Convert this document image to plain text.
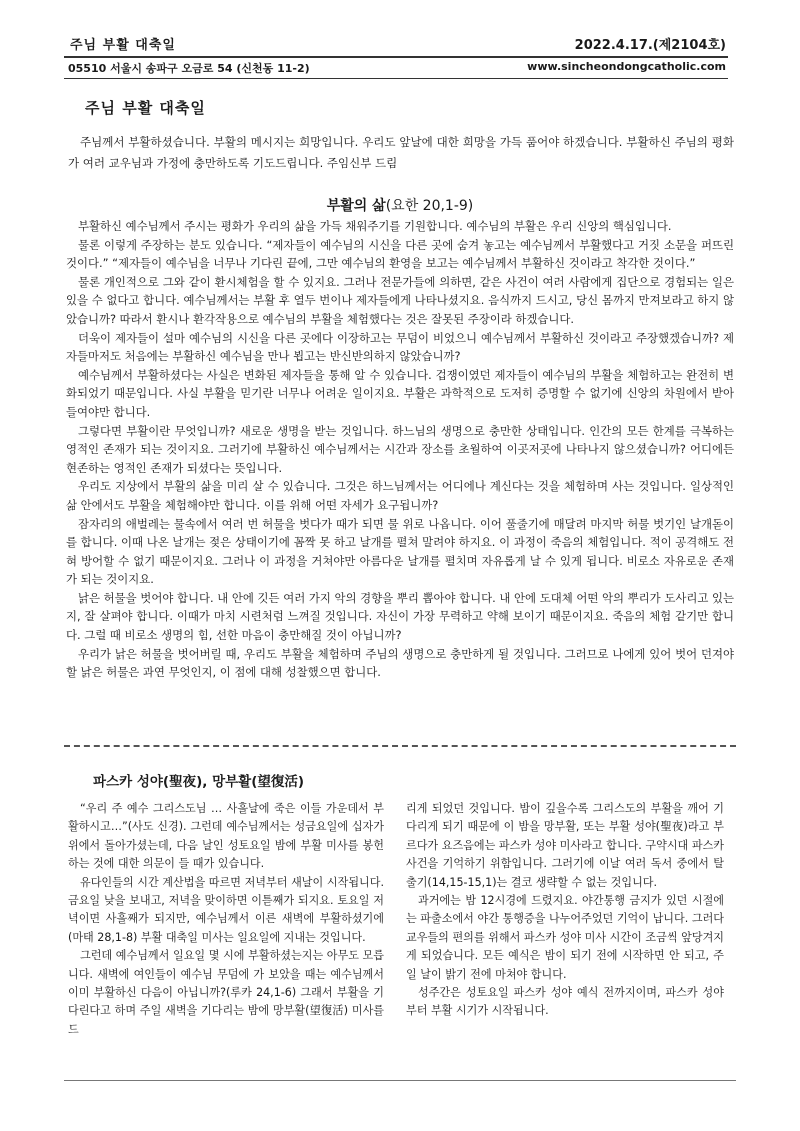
주님 부활 대축일	2022.4.17.(제2104호)
05510 서울시 송파구 오금로 54 (신천동 11-2)	www.sincheondongcatholic.com
주님 부활 대축일

주님께서 부활하셨습니다. 부활의 메시지는 희망입니다. 우리도 앞날에 대한 희망을 가득 품어야 하겠습니다. 부활하신 주님의 평화가 여러 교우님과 가정에 충만하도록 기도드립니다. 주임신부 드림

부활의 삶(요한 20,1-9)

부활하신 예수님께서 주시는 평화가 우리의 삶을 가득 채워주기를 기원합니다. 예수님의 부활은 우리 신앙의 핵심입니다.

물론 이렇게 주장하는 분도 있습니다. “제자들이 예수님의 시신을 다른 곳에 숨겨 놓고는 예수님께서 부활했다고 거짓 소문을 퍼뜨린 것이다.” “제자들이 예수님을 너무나 기다린 끝에, 그만 예수님의 환영을 보고는 예수님께서 부활하신 것이라고 착각한 것이다.”

물론 개인적으로 그와 같이 환시체험을 할 수 있지요. 그러나 전문가들에 의하면, 같은 사건이 여러 사람에게 집단으로 경험되는 일은 있을 수 없다고 합니다. 예수님께서는 부활 후 열두 번이나 제자들에게 나타나셨지요. 음식까지 드시고, 당신 몸까지 만져보라고 하지 않았습니까? 따라서 환시나 환각작용으로 예수님의 부활을 체험했다는 것은 잘못된 주장이라 하겠습니다.

더욱이 제자들이 설마 예수님의 시신을 다른 곳에다 이장하고는 무덤이 비었으니 예수님께서 부활하신 것이라고 주장했겠습니까? 제자들마저도 처음에는 부활하신 예수님을 만나 뵙고는 반신반의하지 않았습니까?

예수님께서 부활하셨다는 사실은 변화된 제자들을 통해 알 수 있습니다. 겁쟁이였던 제자들이 예수님의 부활을 체험하고는 완전히 변화되었기 때문입니다. 사실 부활을 믿기란 너무나 어려운 일이지요. 부활은 과학적으로 도저히 증명할 수 없기에 신앙의 차원에서 받아들여야만 합니다.

그렇다면 부활이란 무엇입니까? 새로운 생명을 받는 것입니다. 하느님의 생명으로 충만한 상태입니다. 인간의 모든 한계를 극복하는 영적인 존재가 되는 것이지요. 그러기에 부활하신 예수님께서는 시간과 장소를 초월하여 이곳저곳에 나타나지 않으셨습니까? 어디에든 현존하는 영적인 존재가 되셨다는 뜻입니다.

우리도 지상에서 부활의 삶을 미리 살 수 있습니다. 그것은 하느님께서는 어디에나 계신다는 것을 체험하며 사는 것입니다. 일상적인 삶 안에서도 부활을 체험해야만 합니다. 이를 위해 어떤 자세가 요구됩니까?

잠자리의 애벌레는 물속에서 여러 번 허물을 벗다가 때가 되면 물 위로 나옵니다. 이어 풀줄기에 매달려 마지막 허물 벗기인 날개돋이를 합니다. 이때 나온 날개는 젖은 상태이기에 꼼짝 못 하고 날개를 펼쳐 말려야 하지요. 이 과정이 죽음의 체험입니다. 적이 공격해도 전혀 방어할 수 없기 때문이지요. 그러나 이 과정을 거쳐야만 아름다운 날개를 펼치며 자유롭게 날 수 있게 됩니다. 비로소 자유로운 존재가 되는 것이지요.

낡은 허물을 벗어야 합니다. 내 안에 깃든 여러 가지 악의 경향을 뿌리 뽑아야 합니다. 내 안에 도대체 어떤 악의 뿌리가 도사리고 있는지, 잘 살펴야 합니다. 이때가 마치 시련처럼 느껴질 것입니다. 자신이 가장 무력하고 약해 보이기 때문이지요. 죽음의 체험 같기만 합니다. 그럴 때 비로소 생명의 힘, 선한 마음이 충만해질 것이 아닙니까?

우리가 낡은 허물을 벗어버릴 때, 우리도 부활을 체험하며 주님의 생명으로 충만하게 될 것입니다. 그러므로 나에게 있어 벗어 던져야 할 낡은 허물은 과연 무엇인지, 이 점에 대해 성찰했으면 합니다.

파스카 성야(聖夜), 망부활(望復活)

“우리 주 예수 그리스도님 … 사흘날에 죽은 이들 가운데서 부활하시고…”(사도 신경). 그런데 예수님께서는 성금요일에 십자가 위에서 돌아가셨는데, 다음 날인 성토요일 밤에 부활 미사를 봉헌하는 것에 대한 의문이 들 때가 있습니다.

유다인들의 시간 계산법을 따르면 저녁부터 새날이 시작됩니다. 금요일 낮을 보내고, 저녁을 맞이하면 이튿째가 되지요. 토요일 저녁이면 사흘째가 되지만, 예수님께서 이른 새벽에 부활하셨기에(마태 28,1-8) 부활 대축일 미사는 일요일에 지내는 것입니다.

그런데 예수님께서 일요일 몇 시에 부활하셨는지는 아무도 모릅니다. 새벽에 여인들이 예수님 무덤에 가 보았을 때는 예수님께서 이미 부활하신 다음이 아닙니까?(루카 24,1-6) 그래서 부활을 기다린다고 하며 주일 새벽을 기다리는 밤에 망부활(望復活) 미사를 드

리게 되었던 것입니다. 밤이 깊을수록 그리스도의 부활을 깨어 기다리게 되기 때문에 이 밤을 망부활, 또는 부활 성야(聖夜)라고 부르다가 요즈음에는 파스카 성야 미사라고 합니다. 구약시대 파스카 사건을 기억하기 위함입니다. 그러기에 이날 여러 독서 중에서 탈출기(14,15-15,1)는 결코 생략할 수 없는 것입니다.

과거에는 밤 12시경에 드렸지요. 야간통행 금지가 있던 시절에는 파출소에서 야간 통행증을 나누어주었던 기억이 납니다. 그러다 교우들의 편의를 위해서 파스카 성야 미사 시간이 조금씩 앞당겨지게 되었습니다. 모든 예식은 밤이 되기 전에 시작하면 안 되고, 주일 날이 밝기 전에 마쳐야 합니다.

성주간은 성토요일 파스카 성야 예식 전까지이며, 파스카 성야부터 부활 시기가 시작됩니다.
